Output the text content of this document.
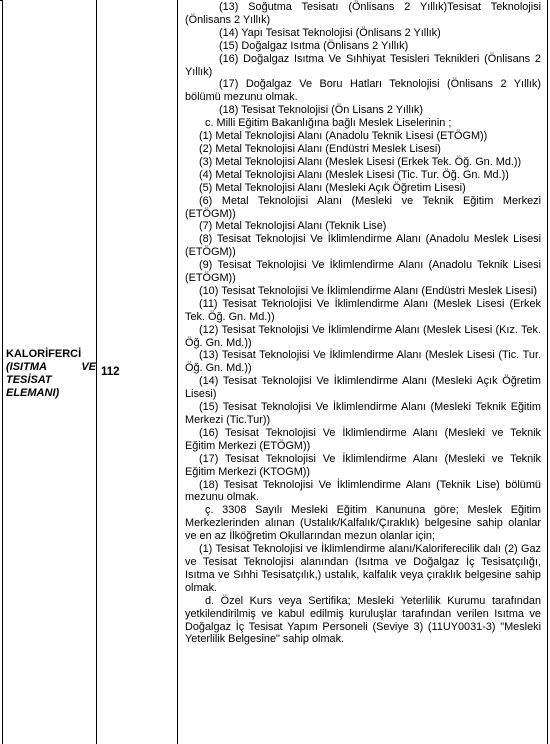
KALORİFERCİ
(ISITMA VE
TESİSAT
ELEMANI)
112

(13) Soğutma Tesisatı (Önlisans 2 Yıllık)Tesisat Teknolojisi (Önlisans 2 Yıllık)

(14) Yapı Tesisat Teknolojisi (Önlisans 2 Yıllık)

(15) Doğalgaz Isıtma (Önlisans 2 Yıllık)

(16) Doğalgaz Isıtma Ve Sıhhiyat Tesisleri Teknikleri (Önlisans 2 Yıllık)

(17) Doğalgaz Ve Boru Hatları Teknolojisi (Önlisans 2 Yıllık) bölümü mezunu olmak.

(18) Tesisat Teknolojisi (Ön Lisans 2 Yıllık)

c. Milli Eğitim Bakanlığına bağlı Meslek Liselerinin ;

(1) Metal Teknolojisi Alanı (Anadolu Teknik Lisesi (ETÖGM))

(2) Metal Teknolojisi Alanı (Endüstri Meslek Lisesi)

(3) Metal Teknolojisi Alanı (Meslek Lisesi (Erkek Tek. Öğ. Gn. Md.))

(4) Metal Teknolojisi Alanı (Meslek Lisesi (Tic. Tur. Öğ. Gn. Md.))

(5) Metal Teknolojisi Alanı (Mesleki Açık Öğretim Lisesi)

(6) Metal Teknolojisi Alanı (Mesleki ve Teknik Eğitim Merkezi (ETÖGM))

(7) Metal Teknolojisi Alanı (Teknik Lise)

(8) Tesisat Teknolojisi Ve İklimlendirme Alanı (Anadolu Meslek Lisesi (ETÖGM))

(9) Tesisat Teknolojisi Ve İklimlendirme Alanı (Anadolu Teknik Lisesi (ETÖGM))

(10) Tesisat Teknolojisi Ve İklimlendirme Alanı (Endüstri Meslek Lisesi)

(11) Tesisat Teknolojisi Ve İklimlendirme Alanı (Meslek Lisesi (Erkek Tek. Öğ. Gn. Md.))

(12) Tesisat Teknolojisi Ve İklimlendirme Alanı (Meslek Lisesi (Kız. Tek. Öğ. Gn. Md.))

(13) Tesisat Teknolojisi Ve İklimlendirme Alanı (Meslek Lisesi (Tic. Tur. Öğ. Gn. Md.))

(14) Tesisat Teknolojisi Ve İklimlendirme Alanı (Mesleki Açık Öğretim Lisesi)

(15) Tesisat Teknolojisi Ve İklimlendirme Alanı (Mesleki Teknik Eğitim Merkezi (Tic.Tur))

(16) Tesisat Teknolojisi Ve İklimlendirme Alanı (Mesleki ve Teknik Eğitim Merkezi (ETÖGM))

(17) Tesisat Teknolojisi Ve İklimlendirme Alanı (Mesleki ve Teknik Eğitim Merkezi (KTOGM))

(18) Tesisat Teknolojisi Ve İklimlendirme Alanı (Teknik Lise) bölümü mezunu olmak.

ç. 3308 Sayılı Mesleki Eğitim Kanununa göre; Meslek Eğitim Merkezlerinden alınan (Ustalık/Kalfalık/Çıraklık) belgesine sahip olanlar ve en az İlköğretim Okullarından mezun olanlar için;

(1) Tesisat Teknolojisi ve İklimlendirme alanı/Kaloriferecilik dalı (2) Gaz ve Tesisat Teknolojisi alanından (Isıtma ve Doğalgaz İç Tesisatçılığı, Isıtma ve Sıhhi Tesisatçılık,) ustalık, kalfalık veya çıraklık belgesine sahip olmak.

d. Özel Kurs veya Sertifika; Mesleki Yeterlilik Kurumu tarafından yetkilendirilmiş ve kabul edilmiş kuruluşlar tarafından verilen Isıtma ve Doğalgaz İç Tesisat Yapım Personeli (Seviye 3) (11UY0031-3) "Mesleki Yeterlilik Belgesine" sahip olmak.
